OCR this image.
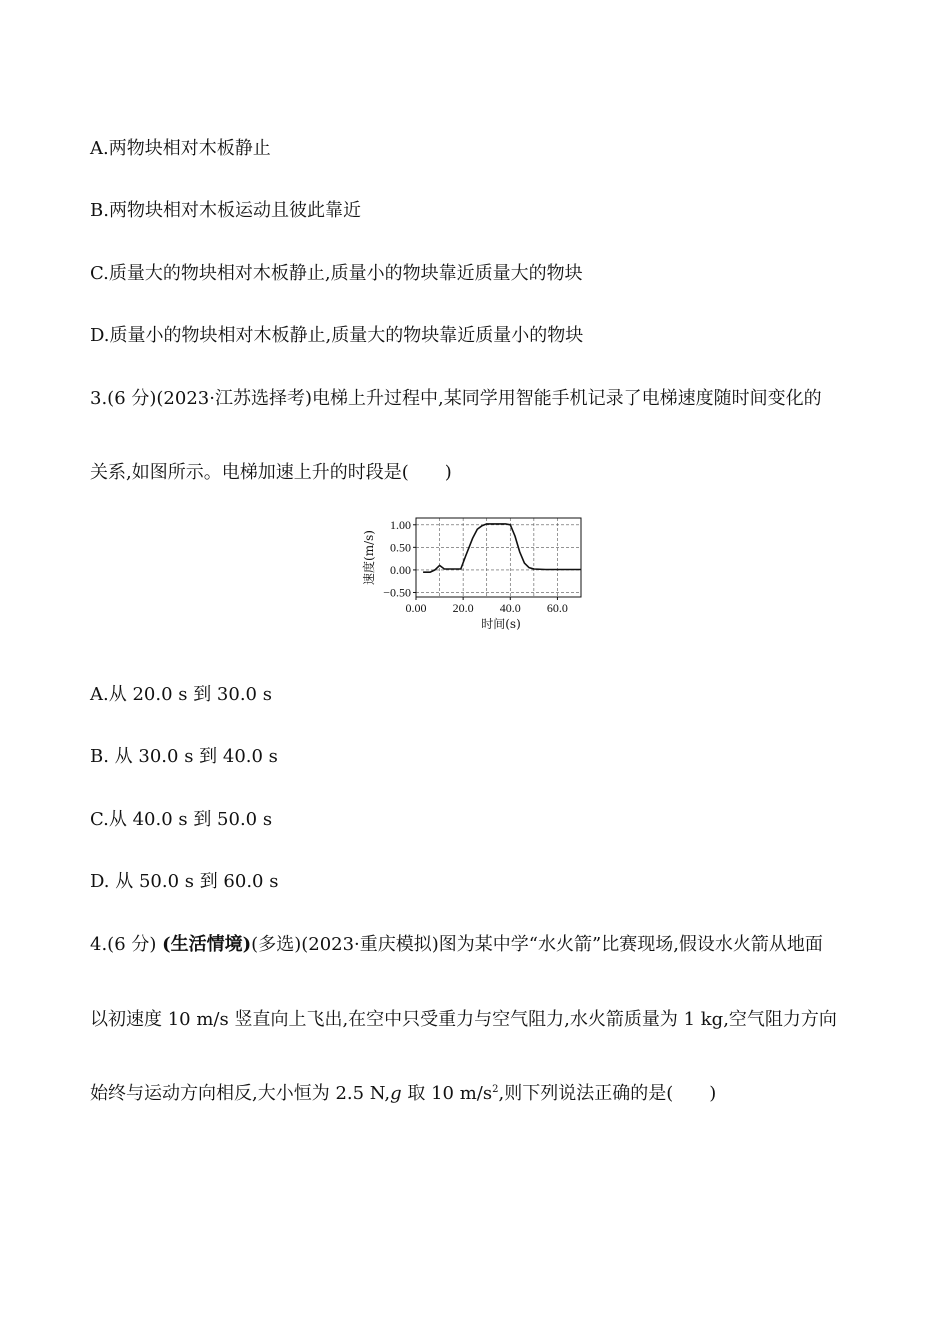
A.两物块相对木板静止
B.两物块相对木板运动且彼此靠近
C.质量大的物块相对木板静止,质量小的物块靠近质量大的物块
D.质量小的物块相对木板静止,质量大的物块靠近质量小的物块
3.(6 分)(2023·江苏选择考)电梯上升过程中,某同学用智能手机记录了电梯速度随时间变化的
关系,如图所示。电梯加速上升的时段是(　　)
−0.50
0.00
0.50
1.00
0.00 20.0 40.0 60.0
速度(m/s)
时间(s)
A.从 20.0 s 到 30.0 s
B. 从 30.0 s 到 40.0 s
C.从 40.0 s 到 50.0 s
D. 从 50.0 s 到 60.0 s
4.(6 分) (生活情境)(多选)(2023·重庆模拟)图为某中学“水火箭”比赛现场,假设水火箭从地面
以初速度 10 m/s 竖直向上飞出,在空中只受重力与空气阻力,水火箭质量为 1 kg,空气阻力方向
始终与运动方向相反,大小恒为 2.5 N,g 取 10 $m/s^2$,则下列说法正确的是(　　)
